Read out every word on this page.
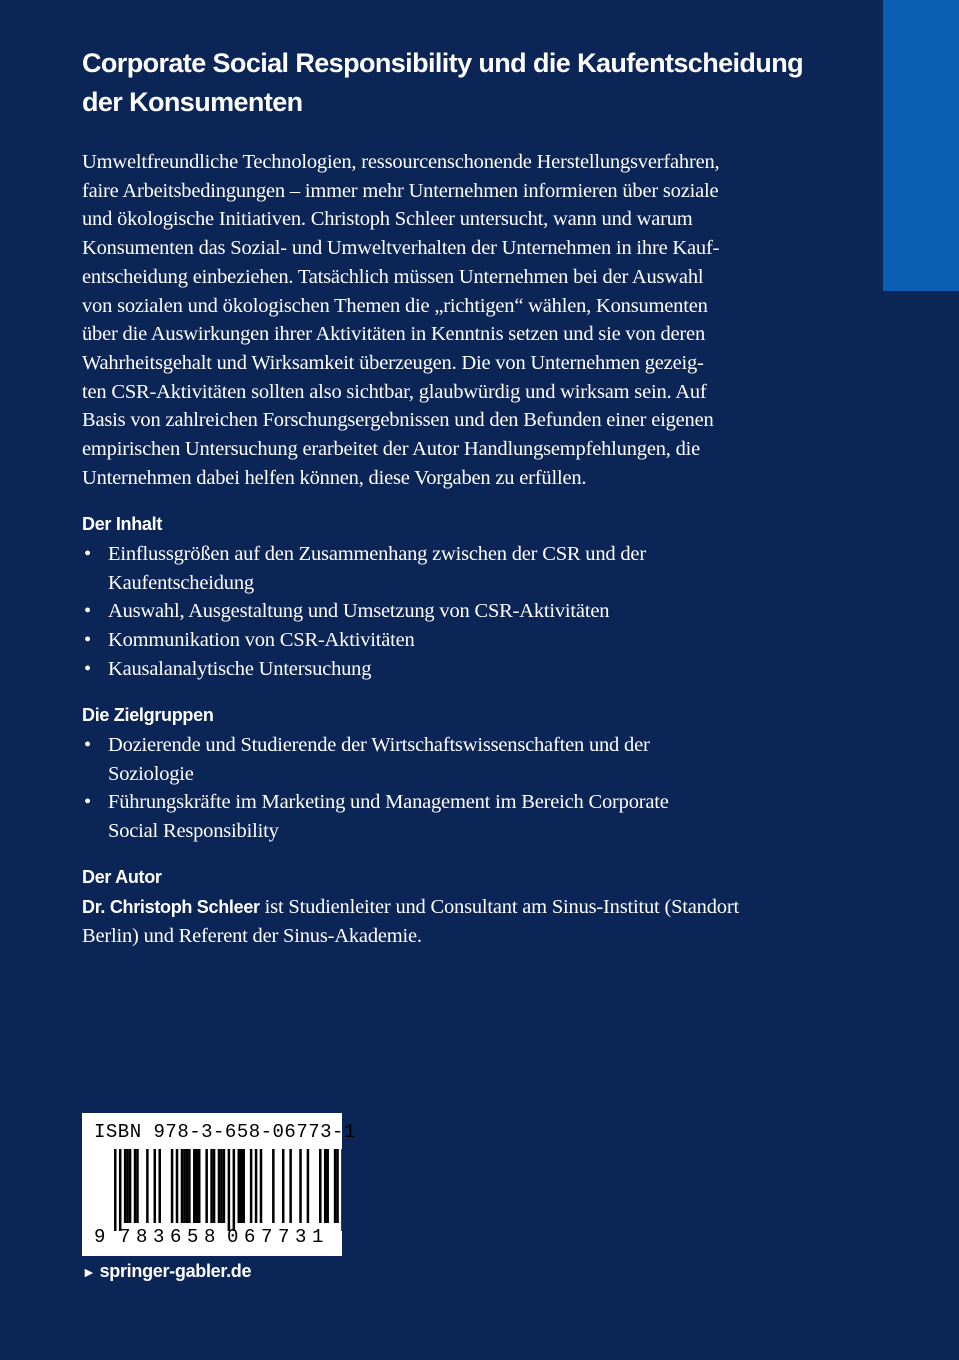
Corporate Social Responsibility und die Kaufentscheidung
der Konsumenten

Umweltfreundliche Technologien, ressourcenschonende Herstellungsverfahren,
faire Arbeitsbedingungen – immer mehr Unternehmen informieren über soziale
und ökologische Initiativen. Christoph Schleer untersucht, wann und warum
Konsumenten das Sozial- und Umweltverhalten der Unternehmen in ihre Kauf-
entscheidung einbeziehen. Tatsächlich müssen Unternehmen bei der Auswahl
von sozialen und ökologischen Themen die „richtigen“ wählen, Konsumenten
über die Auswirkungen ihrer Aktivitäten in Kenntnis setzen und sie von deren
Wahrheitsgehalt und Wirksamkeit überzeugen. Die von Unternehmen gezeig-
ten CSR-Aktivitäten sollten also sichtbar, glaubwürdig und wirksam sein. Auf
Basis von zahlreichen Forschungsergebnissen und den Befunden einer eigenen
empirischen Untersuchung erarbeitet der Autor Handlungsempfehlungen, die
Unternehmen dabei helfen können, diese Vorgaben zu erfüllen.

Der Inhalt
• Einflussgrößen auf den Zusammenhang zwischen der CSR und der
Kaufentscheidung
• Auswahl, Ausgestaltung und Umsetzung von CSR-Aktivitäten
• Kommunikation von CSR-Aktivitäten
• Kausalanalytische Untersuchung
Die Zielgruppen
• Dozierende und Studierende der Wirtschaftswissenschaften und der
Soziologie
• Führungskräfte im Marketing und Management im Bereich Corporate
Social Responsibility
Der Autor

Dr. Christoph Schleer ist Studienleiter und Consultant am Sinus-Institut (Standort
Berlin) und Referent der Sinus-Akademie.

ISBN 978-3-658-06773-1
9 7 8 3 6 5 8 0 6 7 7 3 1
► springer-gabler.de
